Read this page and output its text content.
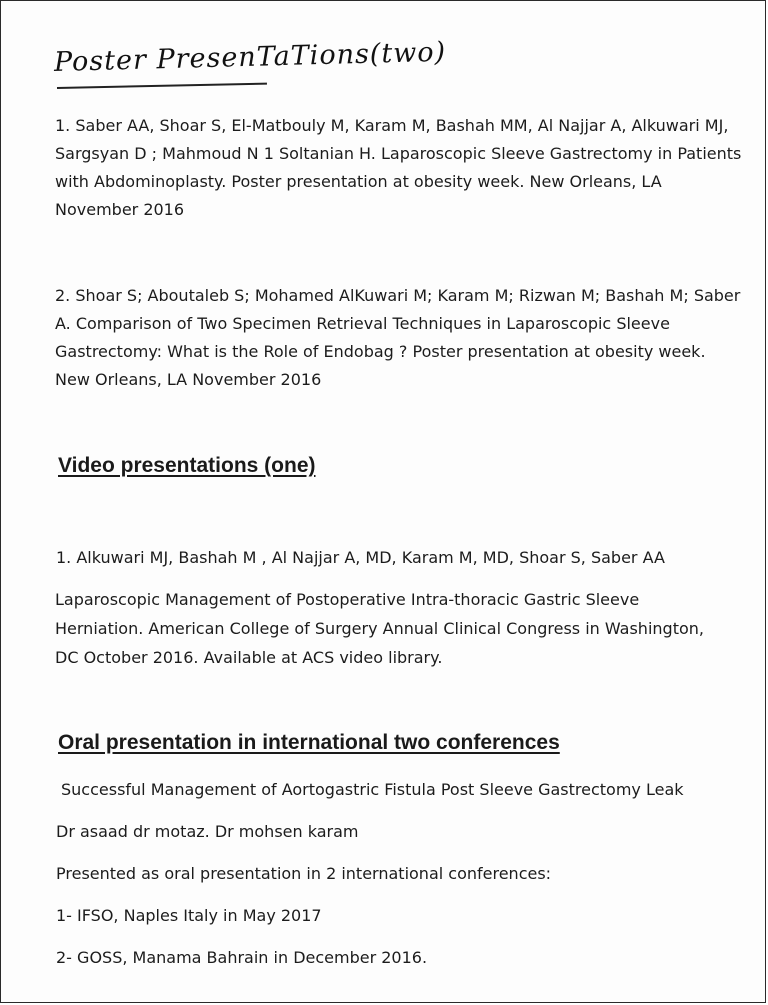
Poster PresenTaTions(two)
1. Saber AA, Shoar S, El-Matbouly M, Karam M, Bashah MM, Al Najjar A, Alkuwari MJ, Sargsyan D ; Mahmoud N 1 Soltanian H. Laparoscopic Sleeve Gastrectomy in Patients with Abdominoplasty. Poster presentation at obesity week. New Orleans, LA November 2016
2. Shoar S; Aboutaleb S; Mohamed AlKuwari M; Karam M; Rizwan M; Bashah M; Saber A. Comparison of Two Specimen Retrieval Techniques in Laparoscopic Sleeve Gastrectomy: What is the Role of Endobag ? Poster presentation at obesity week. New Orleans, LA November 2016
Video presentations (one)
1. Alkuwari MJ, Bashah M , Al Najjar A, MD, Karam M, MD, Shoar S, Saber AA
Laparoscopic Management of Postoperative Intra-thoracic Gastric Sleeve Herniation. American College of Surgery Annual Clinical Congress in Washington, DC October 2016. Available at ACS video library.
Oral presentation in international two conferences
Successful Management of Aortogastric Fistula Post Sleeve Gastrectomy Leak
Dr asaad dr motaz. Dr mohsen karam
Presented as oral presentation in 2 international conferences:
1- IFSO, Naples Italy in May 2017
2- GOSS, Manama Bahrain in December 2016.
